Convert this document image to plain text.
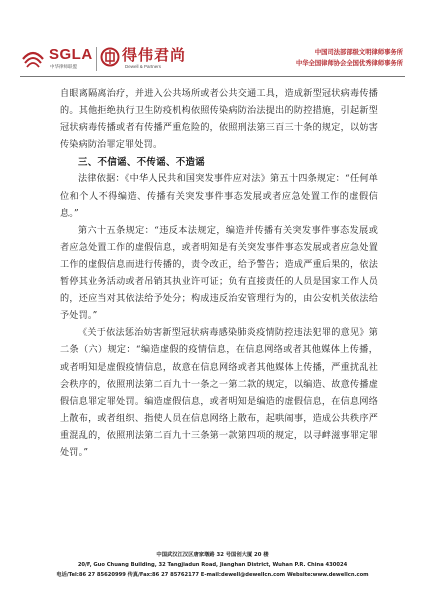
SGLA
中华律师联盟
得伟君尚
Dewell & Partners
中国司法部部级文明律师事务所
中华全国律师协会全国优秀律师事务所

自眼离隔离治疗，并进入公共场所或者公共交通工具，造成新型冠状病毒传播的。其他拒绝执行卫生防疫机构依照传染病防治法提出的防控措施，引起新型冠状病毒传播或者有传播严重危险的，依照刑法第三百三十条的规定，以妨害传染病防治罪定罪处罚。

三、不信谣、不传谣、不造谣

法律依据：《中华人民共和国突发事件应对法》第五十四条规定：“任何单位和个人不得编造、传播有关突发事件事态发展或者应急处置工作的虚假信息。”

第六十五条规定：“违反本法规定，编造并传播有关突发事件事态发展或者应急处置工作的虚假信息，或者明知是有关突发事件事态发展或者应急处置工作的虚假信息而进行传播的，责令改正，给予警告；造成严重后果的，依法暂停其业务活动或者吊销其执业许可证；负有直接责任的人员是国家工作人员的，还应当对其依法给予处分；构成违反治安管理行为的，由公安机关依法给予处罚。”

《关于依法惩治妨害新型冠状病毒感染肺炎疫情防控违法犯罪的意见》第二条（六）规定：“编造虚假的疫情信息，在信息网络或者其他媒体上传播，或者明知是虚假疫情信息，故意在信息网络或者其他媒体上传播，严重扰乱社会秩序的，依照刑法第二百九十一条之一第二款的规定，以编造、故意传播虚假信息罪定罪处罚。编造虚假信息，或者明知是编造的虚假信息，在信息网络上散布，或者组织、指使人员在信息网络上散布，起哄闹事，造成公共秩序严重混乱的，依照刑法第二百九十三条第一款第四项的规定，以寻衅滋事罪定罪处罚。”

中国武汉江汉区唐家墩路 32 号国创大厦 20 楼
20/F, Guo Chuang Building, 32 Tangjiadun Road, Jianghan District, Wuhan P.R. China 430024
电话/Tel:86 27 85620999 传真/Fax:86 27 85762177 E-mail:dewell@dewellcn.com Website:www.dewellcn.com
